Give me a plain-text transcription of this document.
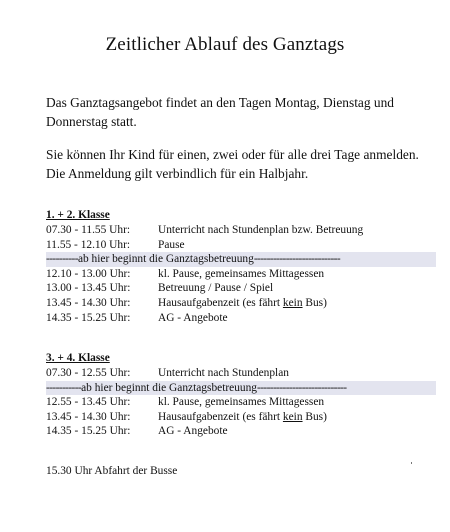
Zeitlicher Ablauf des Ganztags
Das Ganztagsangebot findet an den Tagen Montag, Dienstag und Donnerstag statt.
Sie können Ihr Kind für einen, zwei oder für alle drei Tage anmelden. Die Anmeldung gilt verbindlich für ein Halbjahr.
1. + 2. Klasse
07.30 - 11.55 Uhr: Unterricht nach Stundenplan bzw. Betreuung
11.55 - 12.10 Uhr: Pause
----------ab hier beginnt die Ganztagsbetreuung---------------------------
12.10 - 13.00 Uhr: kl. Pause, gemeinsames Mittagessen
13.00 - 13.45 Uhr: Betreuung / Pause / Spiel
13.45 - 14.30 Uhr: Hausaufgabenzeit (es fährt kein Bus)
14.35 - 15.25 Uhr: AG - Angebote
3. + 4. Klasse
07.30 - 12.55 Uhr: Unterricht nach Stundenplan
-----------ab hier beginnt die Ganztagsbetreuung----------------------------
12.55 - 13.45 Uhr: kl. Pause, gemeinsames Mittagessen
13.45 - 14.30 Uhr: Hausaufgabenzeit (es fährt kein Bus)
14.35 - 15.25 Uhr: AG - Angebote
15.30 Uhr Abfahrt der Busse
